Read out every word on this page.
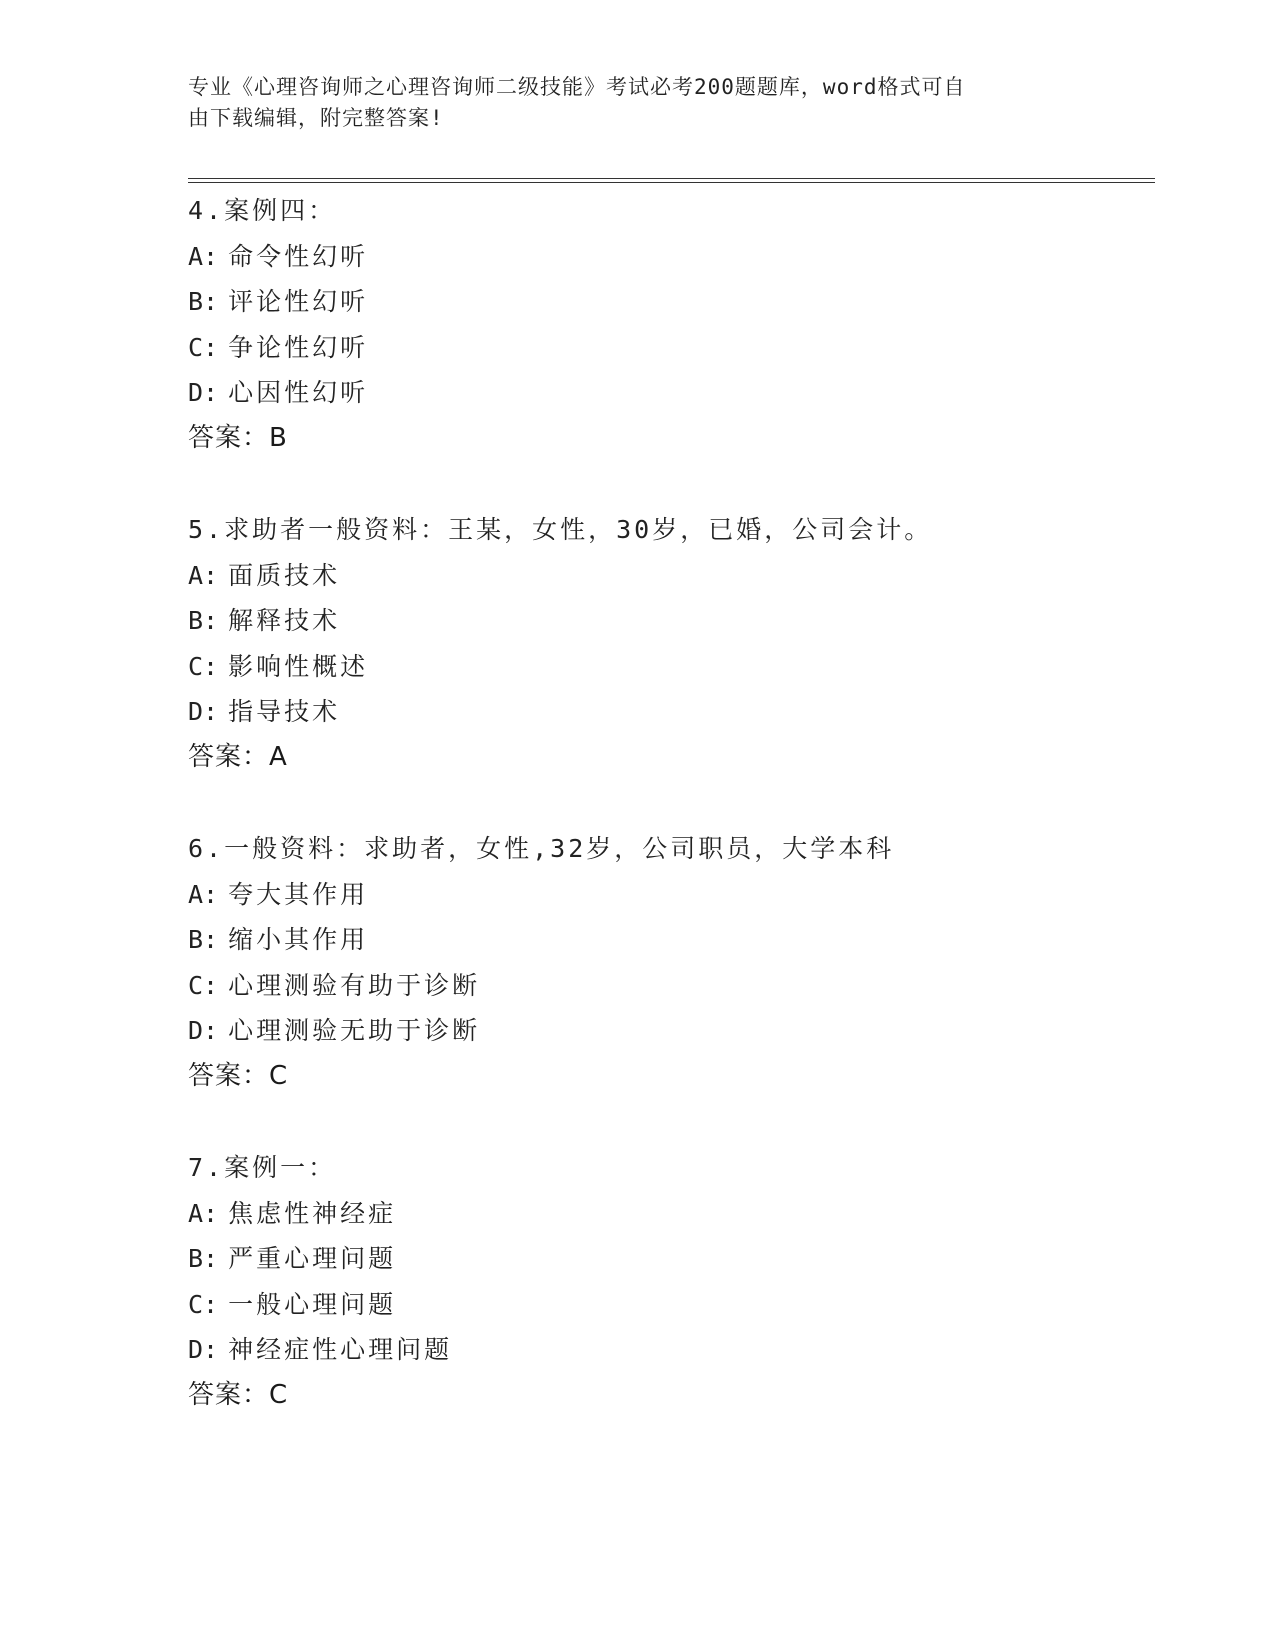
专业《心理咨询师之心理咨询师二级技能》考试必考200题题库，word格式可自
由下载编辑，附完整答案!
4.案例四：
A: 命令性幻听
B: 评论性幻听
C: 争论性幻听
D: 心因性幻听
答案：B
5.求助者一般资料：王某，女性，30岁，已婚，公司会计。
A: 面质技术
B: 解释技术
C: 影响性概述
D: 指导技术
答案：A
6.一般资料：求助者，女性,32岁，公司职员，大学本科
A: 夸大其作用
B: 缩小其作用
C: 心理测验有助于诊断
D: 心理测验无助于诊断
答案：C
7.案例一：
A: 焦虑性神经症
B: 严重心理问题
C: 一般心理问题
D: 神经症性心理问题
答案：C
